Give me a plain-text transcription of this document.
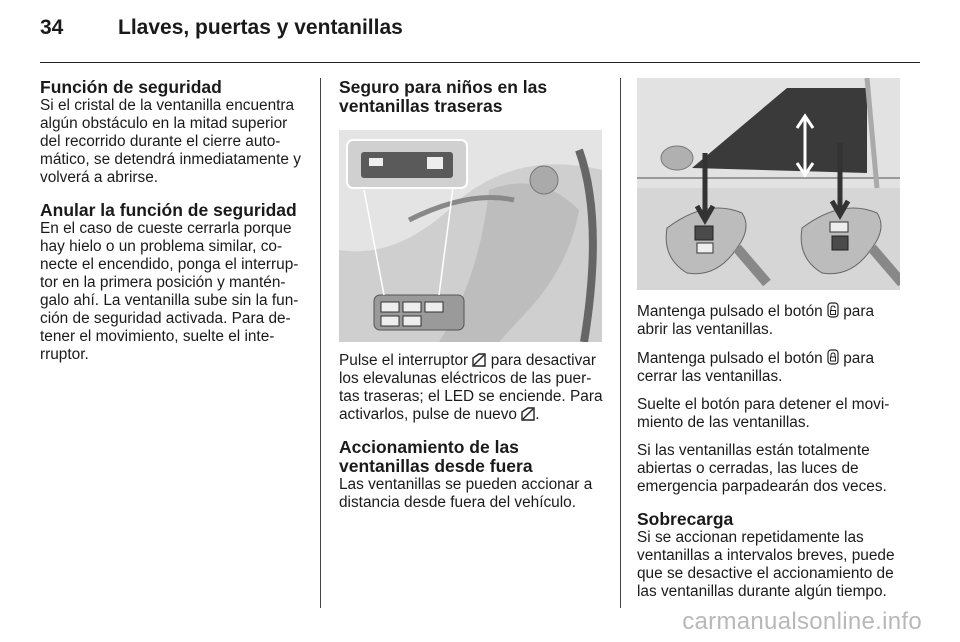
34	Llaves, puertas y ventanillas
Función de seguridad

Si el cristal de la ventanilla encuentra algún obstáculo en la mitad superior del recorrido durante el cierre auto- mático, se detendrá inmediatamente y volverá a abrirse.

Anular la función de seguridad

En el caso de cueste cerrarla porque hay hielo o un problema similar, co- necte el encendido, ponga el interrup- tor en la primera posición y mantén- galo ahí. La ventanilla sube sin la fun- ción de seguridad activada. Para de- tener el movimiento, suelte el inte- rruptor.

Seguro para niños en las
ventanillas traseras

Pulse el interruptor para desactivar los elevalunas eléctricos de las puer- tas traseras; el LED se enciende. Para activarlos, pulse de nuevo .

Accionamiento de las
ventanillas desde fuera

Las ventanillas se pueden accionar a distancia desde fuera del vehículo.

Mantenga pulsado el botón para abrir las ventanillas.

Mantenga pulsado el botón para cerrar las ventanillas.

Suelte el botón para detener el movi- miento de las ventanillas.

Si las ventanillas están totalmente abiertas o cerradas, las luces de emergencia parpadearán dos veces.

Sobrecarga

Si se accionan repetidamente las ventanillas a intervalos breves, puede que se desactive el accionamiento de las ventanillas durante algún tiempo.

carmanualsonline.info
